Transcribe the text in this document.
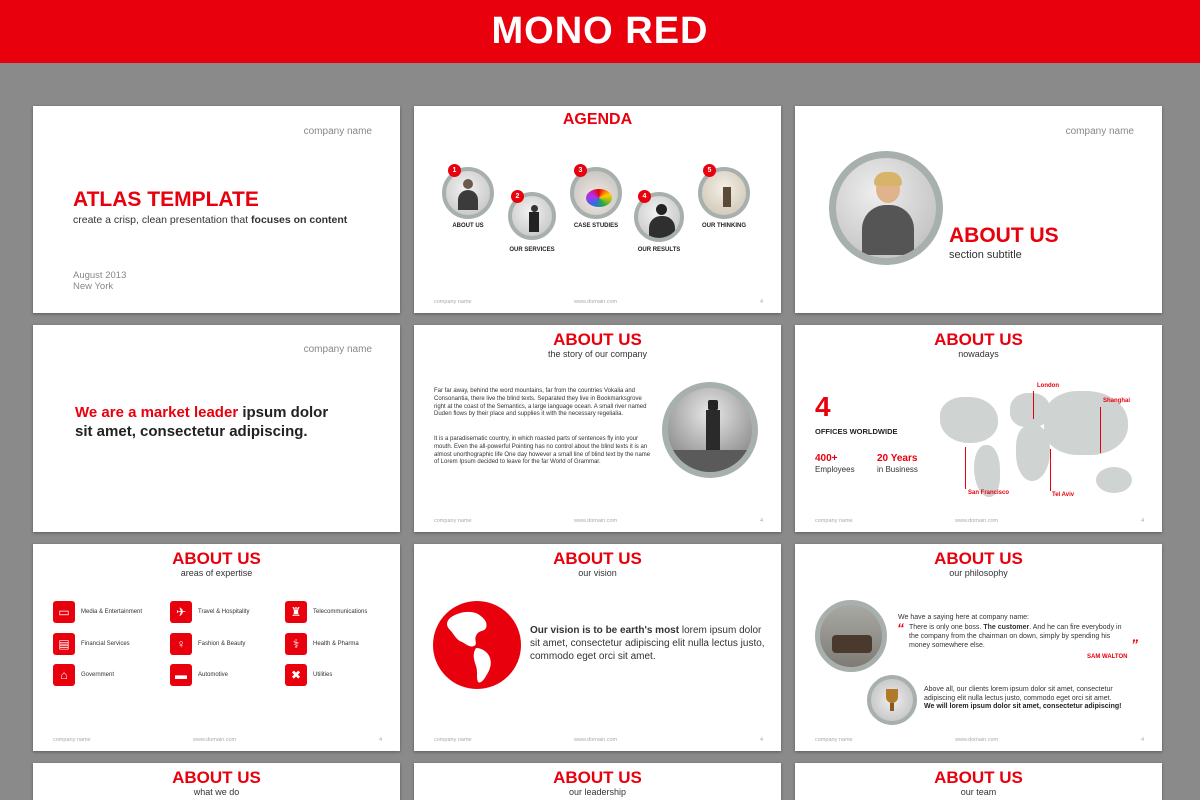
MONO RED
company name
ATLAS TEMPLATE
create a crisp, clean presentation that focuses on content
August 2013
New York
AGENDA
1
ABOUT US
2
OUR SERVICES
3
CASE STUDIES
4
OUR RESULTS
5
OUR THINKING
company name	www.domain.com	4
company name
ABOUT US
section subtitle
company name
We are a market leader ipsum dolor
sit amet, consectetur adipiscing.
ABOUT US
the story of our company
Far far away, behind the word mountains, far from the countries Vokalia and Consonantia, there live the blind texts. Separated they live in Bookmarksgrove right at the coast of the Semantics, a large language ocean. A small river named Duden flows by their place and supplies it with the necessary regelialia.
It is a paradisematic country, in which roasted parts of sentences fly into your mouth. Even the all-powerful Pointing has no control about the blind texts it is an almost unorthographic life One day however a small line of blind text by the name of Lorem Ipsum decided to leave for the far World of Grammar.
company name	www.domain.com	4
ABOUT US
nowadays
4
OFFICES WORLDWIDE
400+
Employees
20 Years
in Business
London
Shanghai
San Francisco	Tel Aviv
company name	www.domain.com	4
ABOUT US
areas of expertise
▭	Media & Entertainment	✈	Travel & Hospitality	♜	Telecommunications
▤	Financial Services	♀	Fashion & Beauty	⚕	Health & Pharma
⌂	Government	▬	Automotive	✖	Utilities
company name	www.domain.com	4
ABOUT US
our vision
Our vision is to be earth's most lorem ipsum dolor sit amet, consectetur adipiscing elit nulla lectus justo, commodo eget orci sit amet.
company name	www.domain.com	4
ABOUT US
our philosophy
We have a saying here at company name:
“ There is only one boss. The customer. And he can fire everybody in the company from the chairman on down, simply by spending his money somewhere else.	”
SAM WALTON
Above all, our clients lorem ipsum dolor sit amet, consectetur adipiscing elit nulla lectus justo, commodo eget orci sit amet.
We will lorem ipsum dolor sit amet, consectetur adipiscing!
company name	www.domain.com	4
ABOUT US
what we do
ABOUT US
our leadership
ABOUT US
our team
